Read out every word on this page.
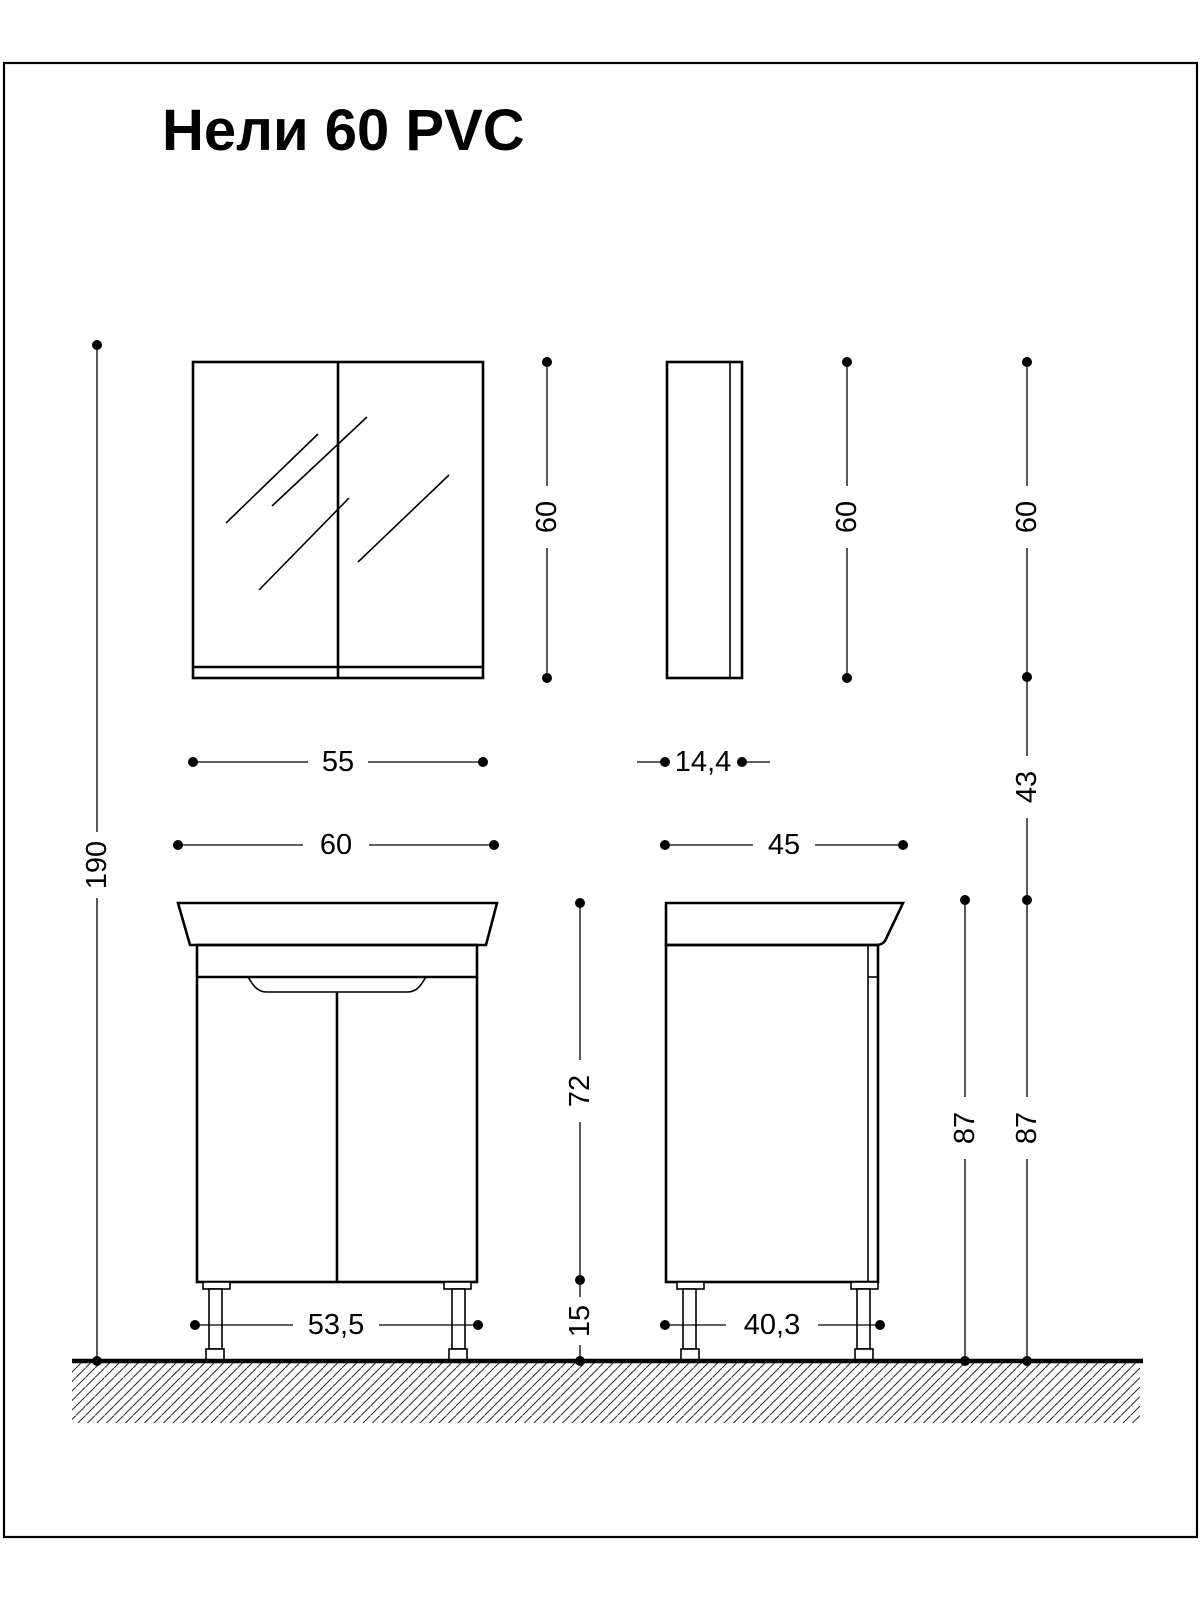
Нели 60 PVC
190
60	60	60
43
87
87
72
15
55	14,4
60	45
53,5	40,3
